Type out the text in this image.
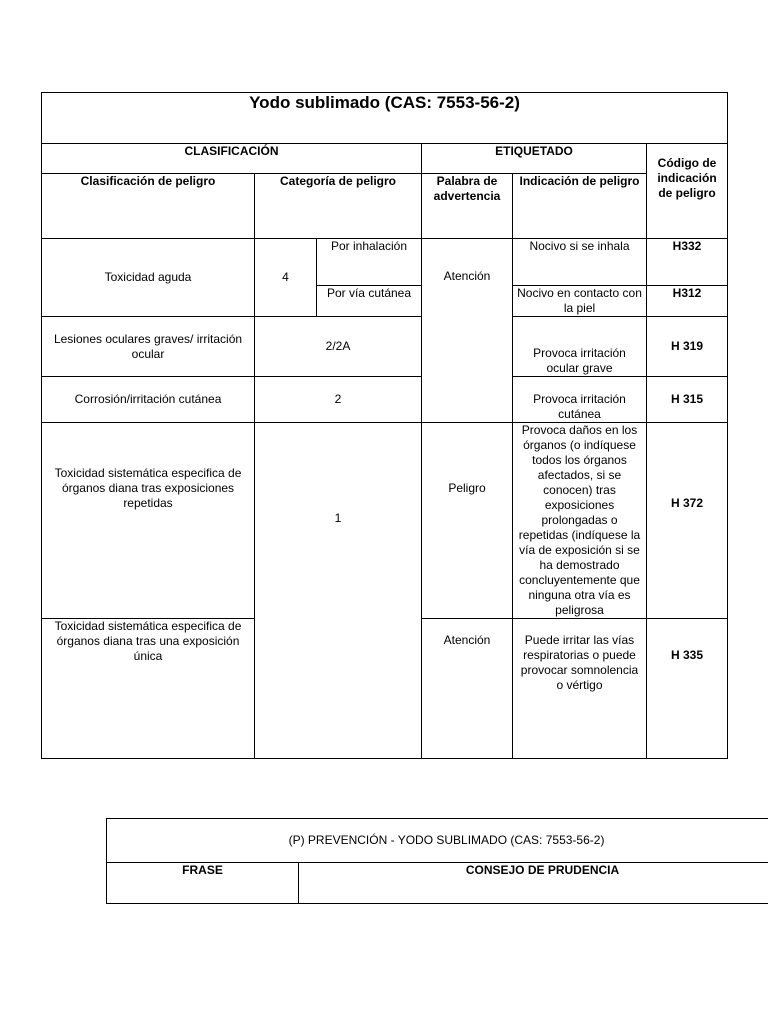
Yodo sublimado (CAS: 7553-56-2)					
CLASIFICACIÓN			ETIQUETADO		Código de indicación de peligro
Clasificación de peligro	Categoría de peligro		Palabra de advertencia	Indicación de peligro	
Toxicidad aguda	4	Por inhalación	Atención	Nocivo si se inhala	H332
		Por vía cutánea		Nocivo en contacto con la piel	H312
Lesiones oculares graves/ irritación ocular	2/2A			Provoca irritación ocular grave	H 319
Corrosión/irritación cutánea	2			Provoca irritación cutánea	H 315
Toxicidad sistemática especifica de órganos diana tras exposiciones repetidas	1		Peligro	Provoca daños en los órganos (o indíquese todos los órganos afectados, si se conocen) tras exposiciones prolongadas o repetidas (indíquese la vía de exposición si se ha demostrado concluyentemente que ninguna otra vía es peligrosa	H 372
Toxicidad sistemática especifica de órganos diana tras una exposición única			Atención	Puede irritar las vías respiratorias o puede provocar somnolencia o vértigo	H 335
(P) PREVENCIÓN - YODO SUBLIMADO (CAS: 7553-56-2)
FRASE	CONSEJO DE PRUDENCIA
